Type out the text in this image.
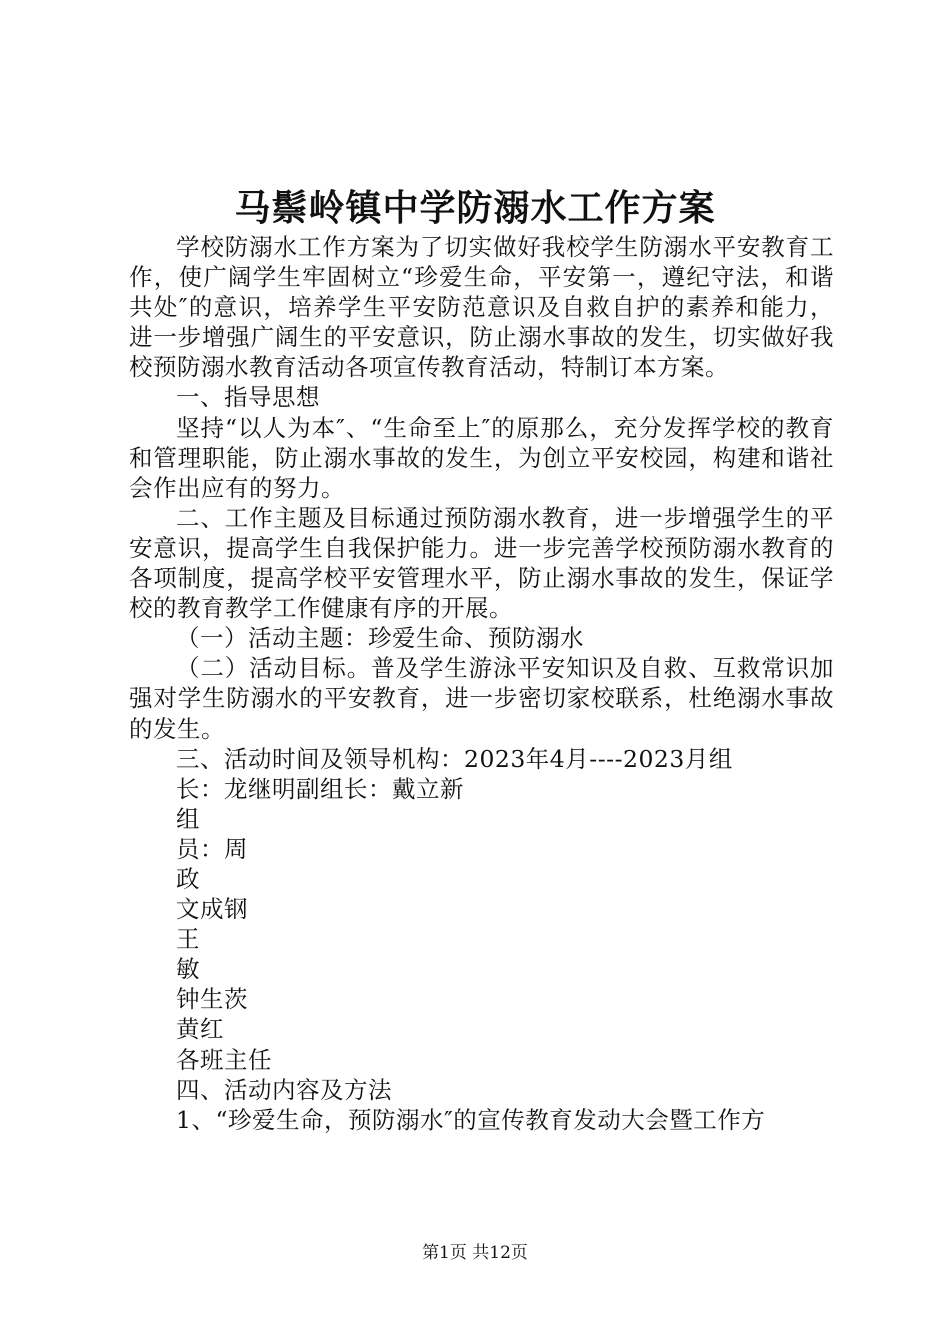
马鬃岭镇中学防溺水工作方案

学校防溺水工作方案为了切实做好我校学生防溺水平安教育工作，使广阔学生牢固树立“珍爱生命，平安第一，遵纪守法，和谐共处″的意识，培养学生平安防范意识及自救自护的素养和能力，进一步增强广阔生的平安意识，防止溺水事故的发生，切实做好我校预防溺水教育活动各项宣传教育活动，特制订本方案。

一、指导思想

坚持“以人为本″、“生命至上″的原那么，充分发挥学校的教育和管理职能，防止溺水事故的发生，为创立平安校园，构建和谐社会作出应有的努力。

二、工作主题及目标通过预防溺水教育，进一步增强学生的平安意识，提高学生自我保护能力。进一步完善学校预防溺水教育的各项制度，提高学校平安管理水平，防止溺水事故的发生，保证学校的教育教学工作健康有序的开展。

（一）活动主题：珍爱生命、预防溺水

（二）活动目标。普及学生游泳平安知识及自救、互救常识加强对学生防溺水的平安教育，进一步密切家校联系，杜绝溺水事故的发生。

三、活动时间及领导机构：2023年4月----2023月组

长：龙继明副组长：戴立新

组

员：周

政

文成钢

王

敏

钟生茨

黄红

各班主任

四、活动内容及方法

1、“珍爱生命，预防溺水″的宣传教育发动大会暨工作方

第1页 共12页
